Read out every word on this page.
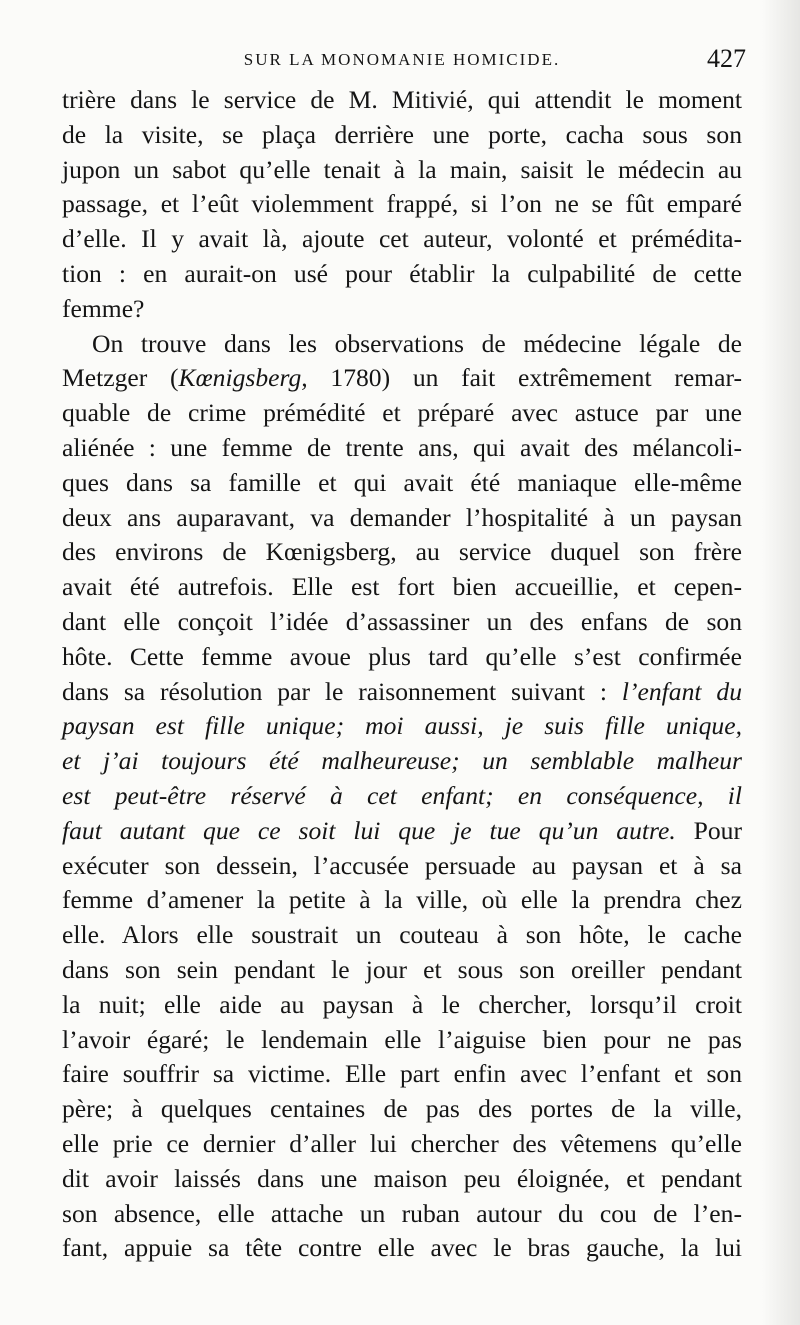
SUR LA MONOMANIE HOMICIDE.	427
trière dans le service de M. Mitivié, qui attendit le moment
de la visite, se plaça derrière une porte, cacha sous son
jupon un sabot qu’elle tenait à la main, saisit le médecin au
passage, et l’eût violemment frappé, si l’on ne se fût emparé
d’elle. Il y avait là, ajoute cet auteur, volonté et prémédita-
tion : en aurait-on usé pour établir la culpabilité de cette
femme?
On trouve dans les observations de médecine légale de
Metzger (Kœnigsberg, 1780) un fait extrêmement remar-
quable de crime prémédité et préparé avec astuce par une
aliénée : une femme de trente ans, qui avait des mélancoli-
ques dans sa famille et qui avait été maniaque elle-même
deux ans auparavant, va demander l’hospitalité à un paysan
des environs de Kœnigsberg, au service duquel son frère
avait été autrefois. Elle est fort bien accueillie, et cepen-
dant elle conçoit l’idée d’assassiner un des enfans de son
hôte. Cette femme avoue plus tard qu’elle s’est confirmée
dans sa résolution par le raisonnement suivant : l’enfant du
paysan est fille unique; moi aussi, je suis fille unique,
et j’ai toujours été malheureuse; un semblable malheur
est peut-être réservé à cet enfant; en conséquence, il
faut autant que ce soit lui que je tue qu’un autre. Pour
exécuter son dessein, l’accusée persuade au paysan et à sa
femme d’amener la petite à la ville, où elle la prendra chez
elle. Alors elle soustrait un couteau à son hôte, le cache
dans son sein pendant le jour et sous son oreiller pendant
la nuit; elle aide au paysan à le chercher, lorsqu’il croit
l’avoir égaré; le lendemain elle l’aiguise bien pour ne pas
faire souffrir sa victime. Elle part enfin avec l’enfant et son
père; à quelques centaines de pas des portes de la ville,
elle prie ce dernier d’aller lui chercher des vêtemens qu’elle
dit avoir laissés dans une maison peu éloignée, et pendant
son absence, elle attache un ruban autour du cou de l’en-
fant, appuie sa tête contre elle avec le bras gauche, la lui
